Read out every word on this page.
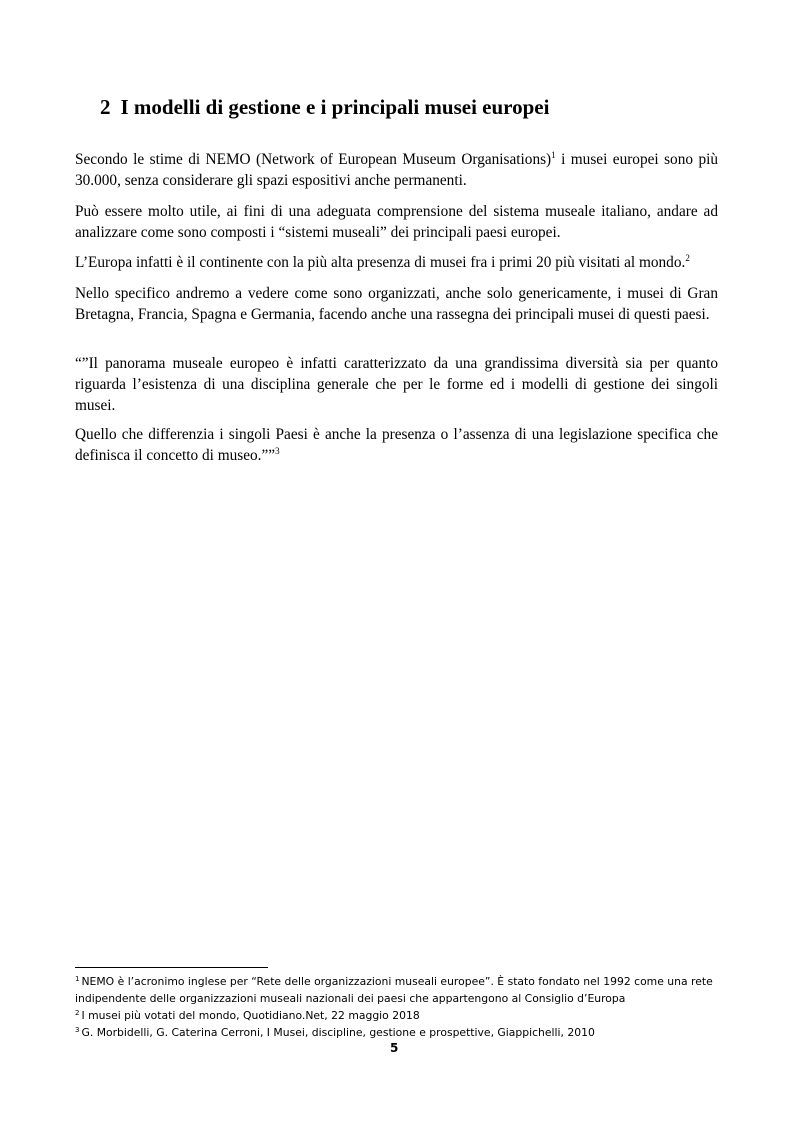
2 I modelli di gestione e i principali musei europei

Secondo le stime di NEMO (Network of European Museum Organisations)$^1$ i musei europei sono più 30.000, senza considerare gli spazi espositivi anche permanenti.

Può essere molto utile, ai fini di una adeguata comprensione del sistema museale italiano, andare ad analizzare come sono composti i “sistemi museali” dei principali paesi europei.

L’Europa infatti è il continente con la più alta presenza di musei fra i primi 20 più visitati al mondo.$^2$

Nello specifico andremo a vedere come sono organizzati, anche solo genericamente, i musei di Gran Bretagna, Francia, Spagna e Germania, facendo anche una rassegna dei principali musei di questi paesi.

“”Il panorama museale europeo è infatti caratterizzato da una grandissima diversità sia per quanto riguarda l’esistenza di una disciplina generale che per le forme ed i modelli di gestione dei singoli musei.

Quello che differenzia i singoli Paesi è anche la presenza o l’assenza di una legislazione specifica che definisca il concetto di museo.””$^3$

$^1$ NEMO è l’acronimo inglese per “Rete delle organizzazioni museali europee”. È stato fondato nel 1992 come una rete

indipendente delle organizzazioni museali nazionali dei paesi che appartengono al Consiglio d’Europa

$^2$ I musei più votati del mondo, Quotidiano.Net, 22 maggio 2018

$^3$ G. Morbidelli, G. Caterina Cerroni, I Musei, discipline, gestione e prospettive, Giappichelli, 2010

5
